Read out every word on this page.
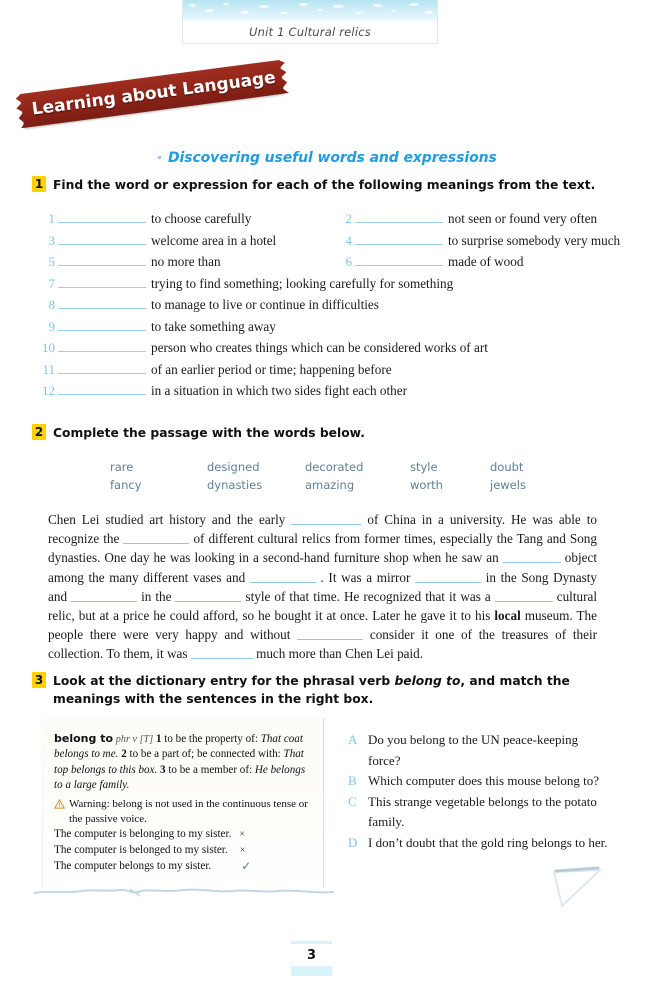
Unit 1 Cultural relics
Learning about Language
Discovering useful words and expressions
1 Find the word or expression for each of the following meanings from the text.
1	to choose carefully	2	not seen or found very often
3	welcome area in a hotel	4	to surprise somebody very much
5	no more than	6	made of wood
7	trying to find something; looking carefully for something
8	to manage to live or continue in difficulties
9	to take something away
10	person who creates things which can be considered works of art
11	of an earlier period or time; happening before
12	in a situation in which two sides fight each other
2 Complete the passage with the words below.
rare	designed	decorated	style	doubt
fancy	dynasties	amazing	worth	jewels
Chen Lei studied art history and the early	of China in a university. He was able to recognize the	of different cultural relics from former times, especially the Tang and Song dynasties. One day he was looking in a second-hand furniture shop when he saw an	object among the many different vases and	. It was a mirror	in the Song Dynasty and	in the	style of that time. He recognized that it was a	cultural relic, but at a price he could afford, so he bought it at once. Later he gave it to his local museum. The people there were very happy and without	consider it one of the treasures of their collection. To them, it was	much more than Chen Lei paid.
3 Look at the dictionary entry for the phrasal verb belong to, and match the meanings with the sentences in the right box.
belong to phr v [T] 1 to be the property of: That coat belongs to me. 2 to be a part of; be connected with: That top belongs to this box. 3 to be a member of: He belongs to a large family.
Warning: belong is not used in the continuous tense or the passive voice.
The computer is belonging to my sister. ×
The computer is belonged to my sister. ×
The computer belongs to my sister.	✓
A Do you belong to the UN peace-keeping force?
B Which computer does this mouse belong to?
C This strange vegetable belongs to the potato family.
D I don’t doubt that the gold ring belongs to her.
3
